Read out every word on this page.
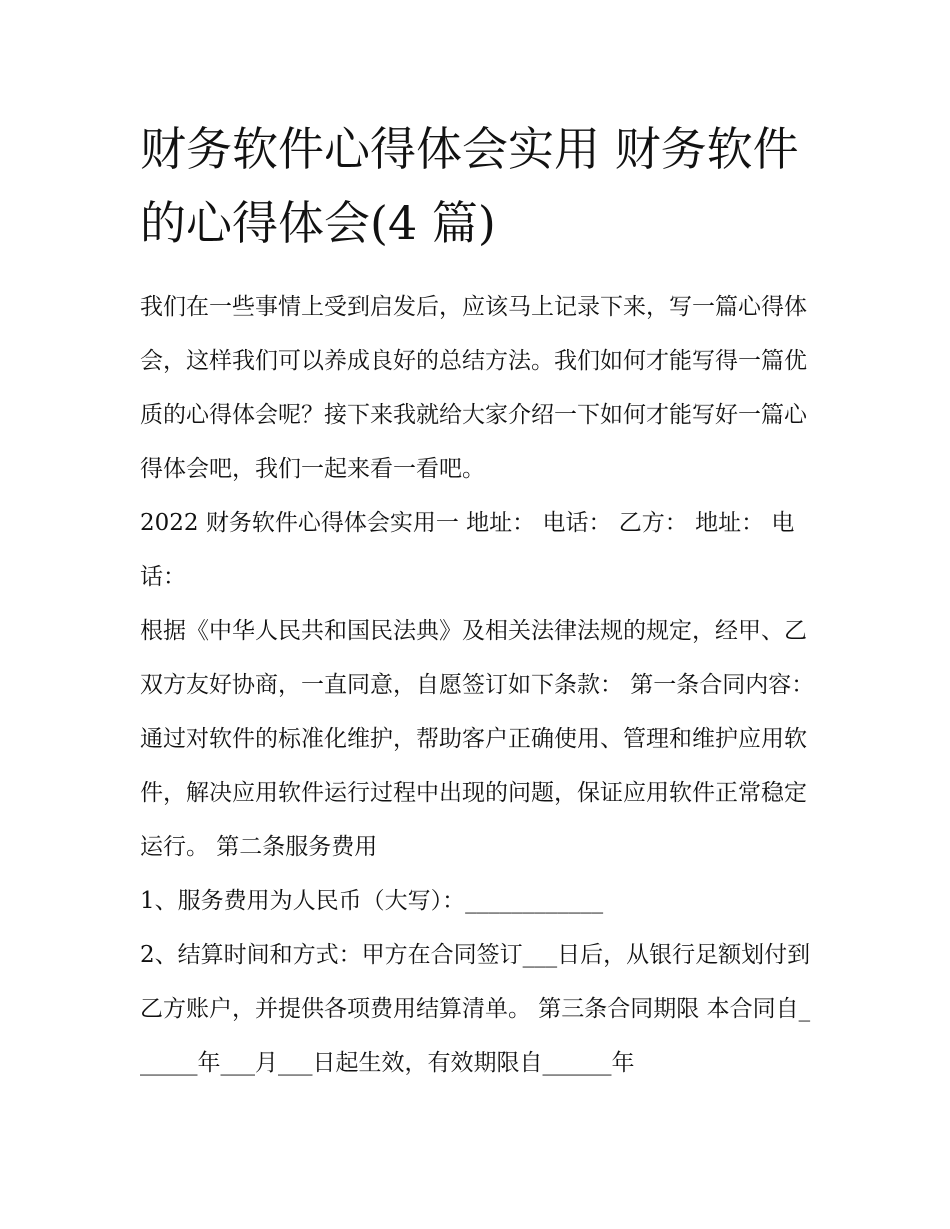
财务软件心得体会实用 财务软件的心得体会(4 篇)

我们在一些事情上受到启发后，应该马上记录下来，写一篇心得体会，这样我们可以养成良好的总结方法。我们如何才能写得一篇优质的心得体会呢？接下来我就给大家介绍一下如何才能写好一篇心得体会吧，我们一起来看一看吧。

2022 财务软件心得体会实用一 地址： 电话： 乙方： 地址： 电话：

根据《中华人民共和国民法典》及相关法律法规的规定，经甲、乙双方友好协商，一直同意，自愿签订如下条款： 第一条合同内容：

通过对软件的标准化维护，帮助客户正确使用、管理和维护应用软件，解决应用软件运行过程中出现的问题，保证应用软件正常稳定运行。 第二条服务费用

1、服务费用为人民币（大写）：____________

2、结算时间和方式：甲方在合同签订___日后，从银行足额划付到乙方账户，并提供各项费用结算清单。 第三条合同期限 本合同自______年___月___日起生效，有效期限自______年
